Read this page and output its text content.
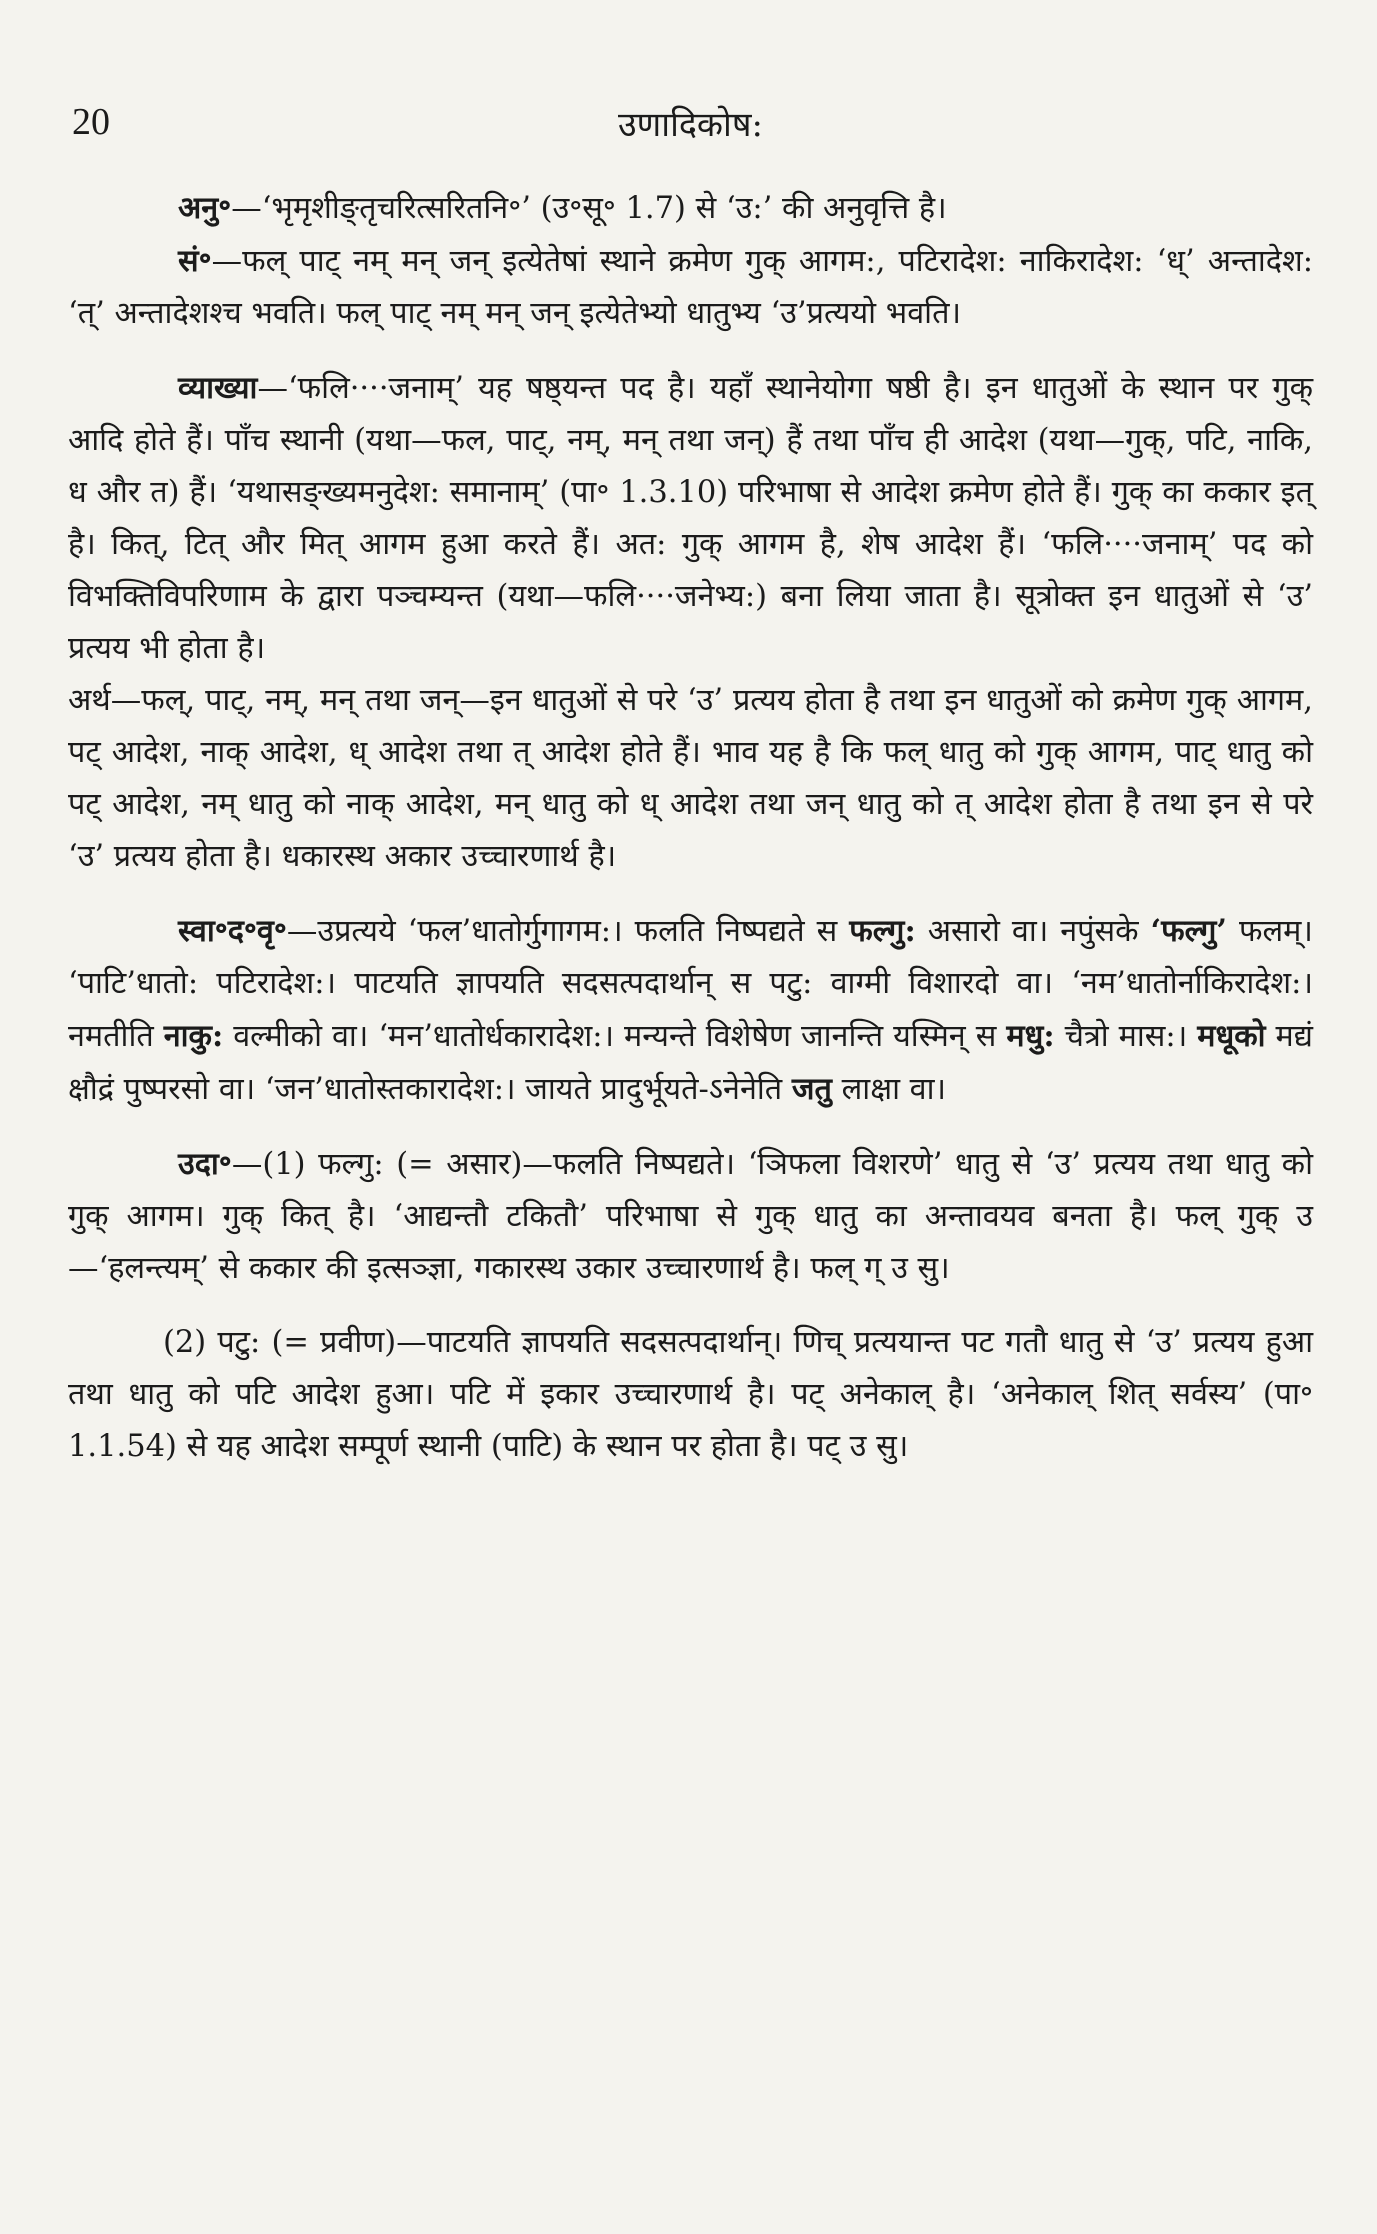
20	उणादिकोष:

अनु॰—‘भृमृशीङ्तृचरित्सरितनि॰’ (उ॰सू॰ 1.7) से ‘उ:’ की अनुवृत्ति है।

सं॰—फल् पाट् नम् मन् जन् इत्येतेषां स्थाने क्रमेण गुक् आगम:, पटिरादेश: नाकिरादेश: ‘ध्’ अन्तादेश: ‘त्’ अन्तादेशश्च भवति। फल् पाट् नम् मन् जन् इत्येतेभ्यो धातुभ्य ‘उ’प्रत्ययो भवति।

व्याख्या—‘फलि····जनाम्’ यह षष्ठ्यन्त पद है। यहाँ स्थानेयोगा षष्ठी है। इन धातुओं के स्थान पर गुक् आदि होते हैं। पाँच स्थानी (यथा—फल, पाट्, नम्, मन् तथा जन्) हैं तथा पाँच ही आदेश (यथा—गुक्, पटि, नाकि, ध और त) हैं। ‘यथासङ्ख्यमनुदेश: समानाम्’ (पा॰ 1.3.10) परिभाषा से आदेश क्रमेण होते हैं। गुक् का ककार इत् है। कित्, टित् और मित् आगम हुआ करते हैं। अत: गुक् आगम है, शेष आदेश हैं। ‘फलि····जनाम्’ पद को विभक्तिविपरिणाम के द्वारा पञ्चम्यन्त (यथा—फलि····जनेभ्य:) बना लिया जाता है। सूत्रोक्त इन धातुओं से ‘उ’ प्रत्यय भी होता है।

अर्थ—फल्, पाट्, नम्, मन् तथा जन्—इन धातुओं से परे ‘उ’ प्रत्यय होता है तथा इन धातुओं को क्रमेण गुक् आगम, पट् आदेश, नाक् आदेश, ध् आदेश तथा त् आदेश होते हैं। भाव यह है कि फल् धातु को गुक् आगम, पाट् धातु को पट् आदेश, नम् धातु को नाक् आदेश, मन् धातु को ध् आदेश तथा जन् धातु को त् आदेश होता है तथा इन से परे ‘उ’ प्रत्यय होता है। धकारस्थ अकार उच्चारणार्थ है।

स्वा॰द॰वृ॰—उप्रत्यये ‘फल’धातोर्गुगागम:। फलति निष्पद्यते स फल्गु: असारो वा। नपुंसके ‘फल्गु’ फलम्। ‘पाटि’धातो: पटिरादेश:। पाटयति ज्ञापयति सदसत्पदार्थान् स पटु: वाग्मी विशारदो वा। ‘नम’धातोर्नाकिरादेश:। नमतीति नाकु: वल्मीको वा। ‘मन’धातोर्धकारादेश:। मन्यन्ते विशेषेण जानन्ति यस्मिन् स मधु: चैत्रो मास:। मधूको मद्यं क्षौद्रं पुष्परसो वा। ‘जन’धातोस्तकारादेश:। जायते प्रादुर्भूयते-ऽनेनेति जतु लाक्षा वा।

उदा॰—(1) फल्गु: (= असार)—फलति निष्पद्यते। ‘ञिफला विशरणे’ धातु से ‘उ’ प्रत्यय तथा धातु को गुक् आगम। गुक् कित् है। ‘आद्यन्तौ टकितौ’ परिभाषा से गुक् धातु का अन्तावयव बनता है। फल् गुक् उ—‘हलन्त्यम्’ से ककार की इत्सञ्ज्ञा, गकारस्थ उकार उच्चारणार्थ है। फल् ग् उ सु।

(2) पटु: (= प्रवीण)—पाटयति ज्ञापयति सदसत्पदार्थान्। णिच् प्रत्ययान्त पट गतौ धातु से ‘उ’ प्रत्यय हुआ तथा धातु को पटि आदेश हुआ। पटि में इकार उच्चारणार्थ है। पट् अनेकाल् है। ‘अनेकाल् शित् सर्वस्य’ (पा॰ 1.1.54) से यह आदेश सम्पूर्ण स्थानी (पाटि) के स्थान पर होता है। पट् उ सु।
